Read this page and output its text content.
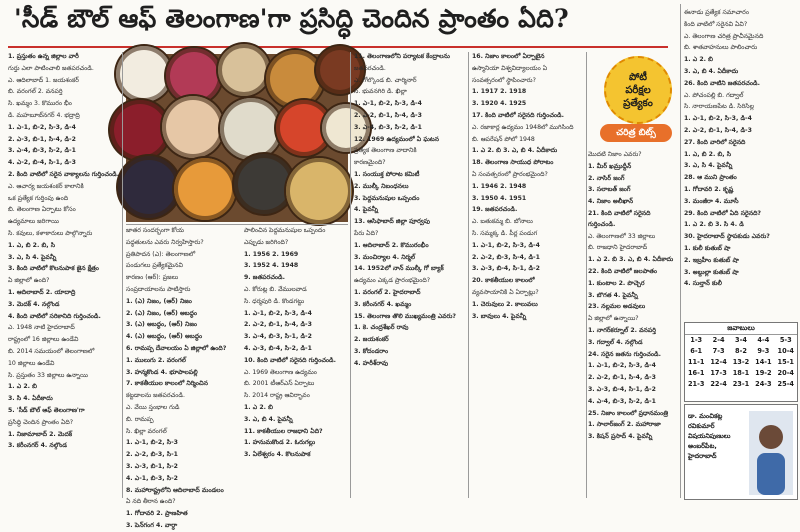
'సీడ్ బౌల్ ఆఫ్ తెలంగాణ'గా ప్రసిద్ధి చెందిన ప్రాంతం ఏది?
పోటీ
పరీక్షల
ప్రత్యేకం
చరిత్ర బిట్స్

1. ప్రస్తుతం ఉన్న జిల్లాల వారీ

గుర్తు ఎలా పాటించాలి జతపరచండి.

ఎ. ఆదిలాబాద్ 1. జయశంకర్

బి. వరంగల్ 2. వనపర్తి

సి. ఖమ్మం 3. కొమురం భీం

డి. మహబూబ్‌నగర్ 4. భద్రాద్రి

1. ఎ-1, బి-2, సి-3, డి-4

2. ఎ-3, బి-1, సి-4, డి-2

3. ఎ-4, బి-3, సి-2, డి-1

4. ఎ-2, బి-4, సి-1, డి-3

2. కింది వాటిలో సరైన వాక్యాలను గుర్తించండి.

ఎ. ఆచార్య జయశంకర్ కాలానికి

ఒక ప్రత్యేక గుర్తింపు ఉంది

బి. తెలంగాణ ఏర్పాటు కోసం

ఉద్యమాలు జరిగాయి

సి. కవులు, కళాకారులు పాల్గొన్నారు

1. ఎ, బి 2. బి, సి

3. ఎ, సి 4. పైవన్నీ

3. కింది వాటిలో కొలనుపాక జైన క్షేత్రం

ఏ జిల్లాలో ఉంది?

1. ఆదిలాబాద్ 2. యాదాద్రి

3. మెదక్ 4. నల్గొండ

4. కింది వాటిలో సరికానిది గుర్తించండి.

ఎ. 1948 నాటి హైదరాబాద్

రాష్ట్రంలో 16 జిల్లాలు ఉండేవి

బి. 2014 సమయంలో తెలంగాణలో

10 జిల్లాలు ఉండేవి

సి. ప్రస్తుతం 33 జిల్లాలు ఉన్నాయి

1. ఎ 2. బి

3. సి 4. ఏదీకాదు

5. 'సీడ్ బౌల్ ఆఫ్ తెలంగాణ'గా

ప్రసిద్ధి చెందిన ప్రాంతం ఏది?

1. నిజామాబాద్ 2. మెదక్

3. కరీంనగర్ 4. నల్గొండ

జాతర సందర్భంగా కోయ

పద్ధతులను ఎవరు నిర్వహిస్తారు?

ప్రతిపాదన (ఎ): తెలంగాణలో

పండుగలు ప్రత్యేకమైనవి

కారణం (ఆర్): ప్రజలు

సంప్రదాయాలను పాటిస్తారు

1. (ఎ) నిజం, (ఆర్) నిజం

2. (ఎ) నిజం, (ఆర్) అబద్ధం

3. (ఎ) అబద్ధం, (ఆర్) నిజం

4. (ఎ) అబద్ధం, (ఆర్) అబద్ధం

6. రామప్ప దేవాలయం ఏ జిల్లాలో ఉంది?

1. ములుగు 2. వరంగల్

3. హన్మకొండ 4. భూపాలపల్లి

7. కాకతీయుల కాలంలో నిర్మించిన

కట్టడాలను జతపరచండి.

ఎ. వేయి స్తంభాల గుడి

బి. రామప్ప

సి. ఖిల్లా వరంగల్

1. ఎ-1, బి-2, సి-3

2. ఎ-2, బి-3, సి-1

3. ఎ-3, బి-1, సి-2

4. ఎ-1, బి-3, సి-2

8. మహారాష్ట్రలోని ఆదిలాబాద్ మండలం

ఏ నది తీరాన ఉంది?

1. గోదావరి 2. ప్రాణహిత

3. పెన్‌గంగ 4. వార్ధా

పాలించిన పెద్దమనుషుల ఒప్పందం

ఎప్పుడు జరిగింది?

1. 1956 2. 1969

3. 1952 4. 1948

9. జతపరచండి.

ఎ. కోరుట్ల బి. వేములవాడ

సి. ధర్మపురి డి. కొండగట్టు

1. ఎ-1, బి-2, సి-3, డి-4

2. ఎ-2, బి-1, సి-4, డి-3

3. ఎ-4, బి-3, సి-1, డి-2

4. ఎ-3, బి-4, సి-2, డి-1

10. కింది వాటిలో సరైనది గుర్తించండి.

ఎ. 1969 తెలంగాణ ఉద్యమం

బి. 2001 టీఆర్‌ఎస్ ఏర్పాటు

సి. 2014 రాష్ట్ర ఆవిర్భావం

1. ఎ 2. బి

3. ఎ, బి 4. పైవన్నీ

11. కాకతీయుల రాజధాని ఏది?

1. హనుమకొండ 2. ఓరుగల్లు

3. ఏలేశ్వరం 4. కొలనుపాక

11. తెలంగాణలోని పర్యాటక కేంద్రాలను

జతపరచండి.

ఎ. గోల్కొండ బి. చార్మినార్

సి. భువనగిరి డి. ఖిల్లా

1. ఎ-1, బి-2, సి-3, డి-4

2. ఎ-2, బి-1, సి-4, డి-3

3. ఎ-4, బి-3, సి-2, డి-1

12. 1969 ఉద్యమంలో ఏ ఘటన

ప్రత్యేక తెలంగాణ వాదానికి

కారణమైంది?

1. సంయుక్త పోరాట కమిటీ

2. ముల్కీ నిబంధనలు

3. పెద్దమనుషుల ఒప్పందం

4. పైవన్నీ

13. ఆసిఫాబాద్ జిల్లా పూర్వపు

పేరు ఏది?

1. ఆదిలాబాద్ 2. కొమురంభీం

3. మంచిర్యాల 4. నిర్మల్

14. 1952లో నాన్ ముల్కీ గో బ్యాక్

ఉద్యమం ఎక్కడ ప్రారంభమైంది?

1. వరంగల్ 2. హైదరాబాద్

3. కరీంనగర్ 4. ఖమ్మం

15. తెలంగాణ తొలి ముఖ్యమంత్రి ఎవరు?

1. కె. చంద్రశేఖర్ రావు

2. జయశంకర్

3. కోదండరాం

4. హరీశ్‌రావు

16. నిజాం కాలంలో ఏర్పాటైన

ఉస్మానియా విశ్వవిద్యాలయం ఏ

సంవత్సరంలో స్థాపించారు?

1. 1917 2. 1918

3. 1920 4. 1925

17. కింది వాటిలో సరైనది గుర్తించండి.

ఎ. రజాకార్ల ఉద్యమం 1948లో ముగిసింది

బి. ఆపరేషన్ పోలో 1948

1. ఎ 2. బి 3. ఎ, బి 4. ఏదీకాదు

18. తెలంగాణ సాయుధ పోరాటం

ఏ సంవత్సరంలో ప్రారంభమైంది?

1. 1946 2. 1948

3. 1950 4. 1951

19. జతపరచండి.

ఎ. బతుకమ్మ బి. బోనాలు

సి. సమ్మక్క డి. పీర్ల పండుగ

1. ఎ-1, బి-2, సి-3, డి-4

2. ఎ-2, బి-3, సి-4, డి-1

3. ఎ-3, బి-4, సి-1, డి-2

20. కాకతీయుల కాలంలో

వ్యవసాయానికి ఏ ఏర్పాట్లు?

1. చెరువులు 2. కాలువలు

3. బావులు 4. పైవన్నీ

మొదటి నిజాం ఎవరు?

1. మీర్ ఖమ్రుద్దీన్

2. నాసిర్ జంగ్

3. సలాబత్ జంగ్

4. నిజాం అలీఖాన్

21. కింది వాటిలో సరైనది గుర్తించండి.

ఎ. తెలంగాణలో 33 జిల్లాలు

బి. రాజధాని హైదరాబాద్

1. ఎ 2. బి 3. ఎ, బి 4. ఏదీకాదు

22. కింది వాటిలో జలపాతం

1. కుంటాల 2. పొచ్చెర

3. బొగత 4. పైవన్నీ

23. నల్లమల అడవులు

ఏ జిల్లాలో ఉన్నాయి?

1. నాగర్‌కర్నూల్ 2. వనపర్తి

3. గద్వాల్ 4. నల్గొండ

24. సరైన జతను గుర్తించండి.

1. ఎ-1, బి-2, సి-3, డి-4

2. ఎ-2, బి-1, సి-4, డి-3

3. ఎ-3, బి-4, సి-1, డి-2

4. ఎ-4, బి-3, సి-2, డి-1

25. నిజాం కాలంలో ప్రధానమంత్రి

1. సాలార్‌జంగ్ 2. మహారాజా

3. కిషన్ ప్రసాద్ 4. పైవన్నీ

ఈనాడు ప్రత్యేక సమాచారం

కింది వాటిలో సరైనవి ఏవి?

ఎ. తెలంగాణ చరిత్ర ప్రాచీనమైనది

బి. శాతవాహనులు పాలించారు

1. ఎ 2. బి

3. ఎ, బి 4. ఏదీకాదు

26. కింది వాటిని జతపరచండి.

ఎ. పోచంపల్లి బి. గద్వాల్

సి. నారాయణపేట డి. సిరిసిల్ల

1. ఎ-1, బి-2, సి-3, డి-4

2. ఎ-2, బి-1, సి-4, డి-3

27. కింది వారిలో సరైనది

1. ఎ, బి 2. బి, సి

3. ఎ, సి 4. పైవన్నీ

28. ఆ ముని ప్రాంతం

1. గోదావరి 2. కృష్ణ

3. మంజీరా 4. మూసీ

29. కింది వాటిలో ఏది సరైనది?

1. ఎ 2. బి 3. సి 4. డి

30. హైదరాబాద్ స్థాపకుడు ఎవరు?

1. కులీ కుతుబ్ షా

2. ఇబ్రహీం కుతుబ్ షా

3. అబ్దుల్లా కుతుబ్ షా

4. సుల్తాన్ కులీ

జవాబులు
1-3	2-4	3-4	4-4	5-3
6-1	7-3	8-2	9-3	10-4
11-1	12-4	13-2	14-1	15-1
16-1	17-3	18-1	19-2	20-4
21-3	22-4	23-1	24-3	25-4
డా. మంచికట్ల రవికుమార్
విషయనిపుణులు
అంబర్‌పేట, హైదరాబాద్
